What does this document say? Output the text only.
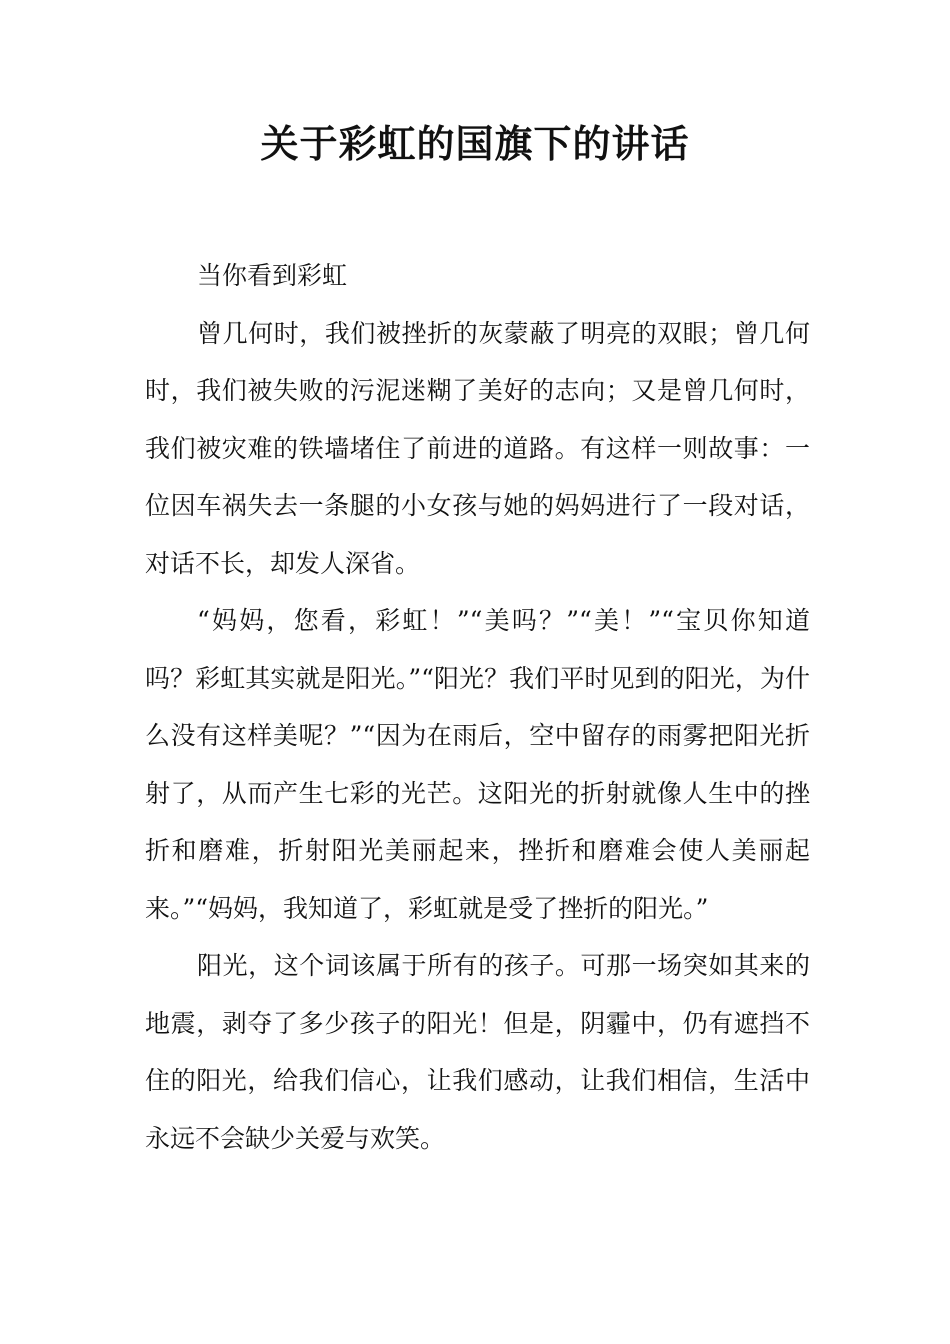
关于彩虹的国旗下的讲话

当你看到彩虹

曾几何时，我们被挫折的灰蒙蔽了明亮的双眼；曾几何时，我们被失败的污泥迷糊了美好的志向；又是曾几何时，我们被灾难的铁墙堵住了前进的道路。有这样一则故事：一位因车祸失去一条腿的小女孩与她的妈妈进行了一段对话，对话不长，却发人深省。

“妈妈，您看，彩虹！”“美吗？”“美！”“宝贝你知道吗？彩虹其实就是阳光。”“阳光？我们平时见到的阳光，为什么没有这样美呢？”“因为在雨后，空中留存的雨雾把阳光折射了，从而产生七彩的光芒。这阳光的折射就像人生中的挫折和磨难，折射阳光美丽起来，挫折和磨难会使人美丽起来。”“妈妈，我知道了，彩虹就是受了挫折的阳光。”

阳光，这个词该属于所有的孩子。可那一场突如其来的地震，剥夺了多少孩子的阳光！但是，阴霾中，仍有遮挡不住的阳光，给我们信心，让我们感动，让我们相信，生活中永远不会缺少关爱与欢笑。
